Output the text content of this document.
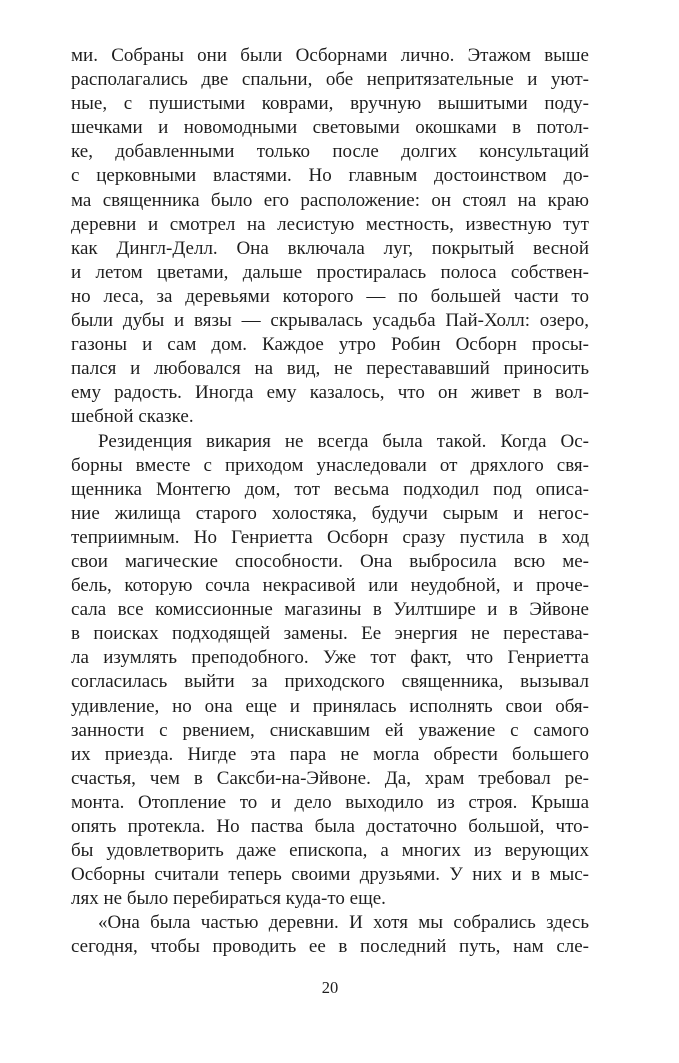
ми. Собраны они были Осборнами лично. Этажом выше
располагались две спальни, обе непритязательные и уют-
ные, с пушистыми коврами, вручную вышитыми поду-
шечками и новомодными световыми окошками в потол-
ке, добавленными только после долгих консультаций
с церковными властями. Но главным достоинством до-
ма священника было его расположение: он стоял на краю
деревни и смотрел на лесистую местность, известную тут
как Дингл-Делл. Она включала луг, покрытый весной
и летом цветами, дальше простиралась полоса собствен-
но леса, за деревьями которого — по большей части то
были дубы и вязы — скрывалась усадьба Пай-Холл: озеро,
газоны и сам дом. Каждое утро Робин Осборн просы-
пался и любовался на вид, не перестававший приносить
ему радость. Иногда ему казалось, что он живет в вол-
шебной сказке.
Резиденция викария не всегда была такой. Когда Ос-
борны вместе с приходом унаследовали от дряхлого свя-
щенника Монтегю дом, тот весьма подходил под описа-
ние жилища старого холостяка, будучи сырым и негос-
теприимным. Но Генриетта Осборн сразу пустила в ход
свои магические способности. Она выбросила всю ме-
бель, которую сочла некрасивой или неудобной, и проче-
сала все комиссионные магазины в Уилтшире и в Эйвоне
в поисках подходящей замены. Ее энергия не перестава-
ла изумлять преподобного. Уже тот факт, что Генриетта
согласилась выйти за приходского священника, вызывал
удивление, но она еще и принялась исполнять свои обя-
занности с рвением, снискавшим ей уважение с самого
их приезда. Нигде эта пара не могла обрести большего
счастья, чем в Саксби-на-Эйвоне. Да, храм требовал ре-
монта. Отопление то и дело выходило из строя. Крыша
опять протекла. Но паства была достаточно большой, что-
бы удовлетворить даже епископа, а многих из верующих
Осборны считали теперь своими друзьями. У них и в мыс-
лях не было перебираться куда-то еще.
«Она была частью деревни. И хотя мы собрались здесь
сегодня, чтобы проводить ее в последний путь, нам сле-
20
